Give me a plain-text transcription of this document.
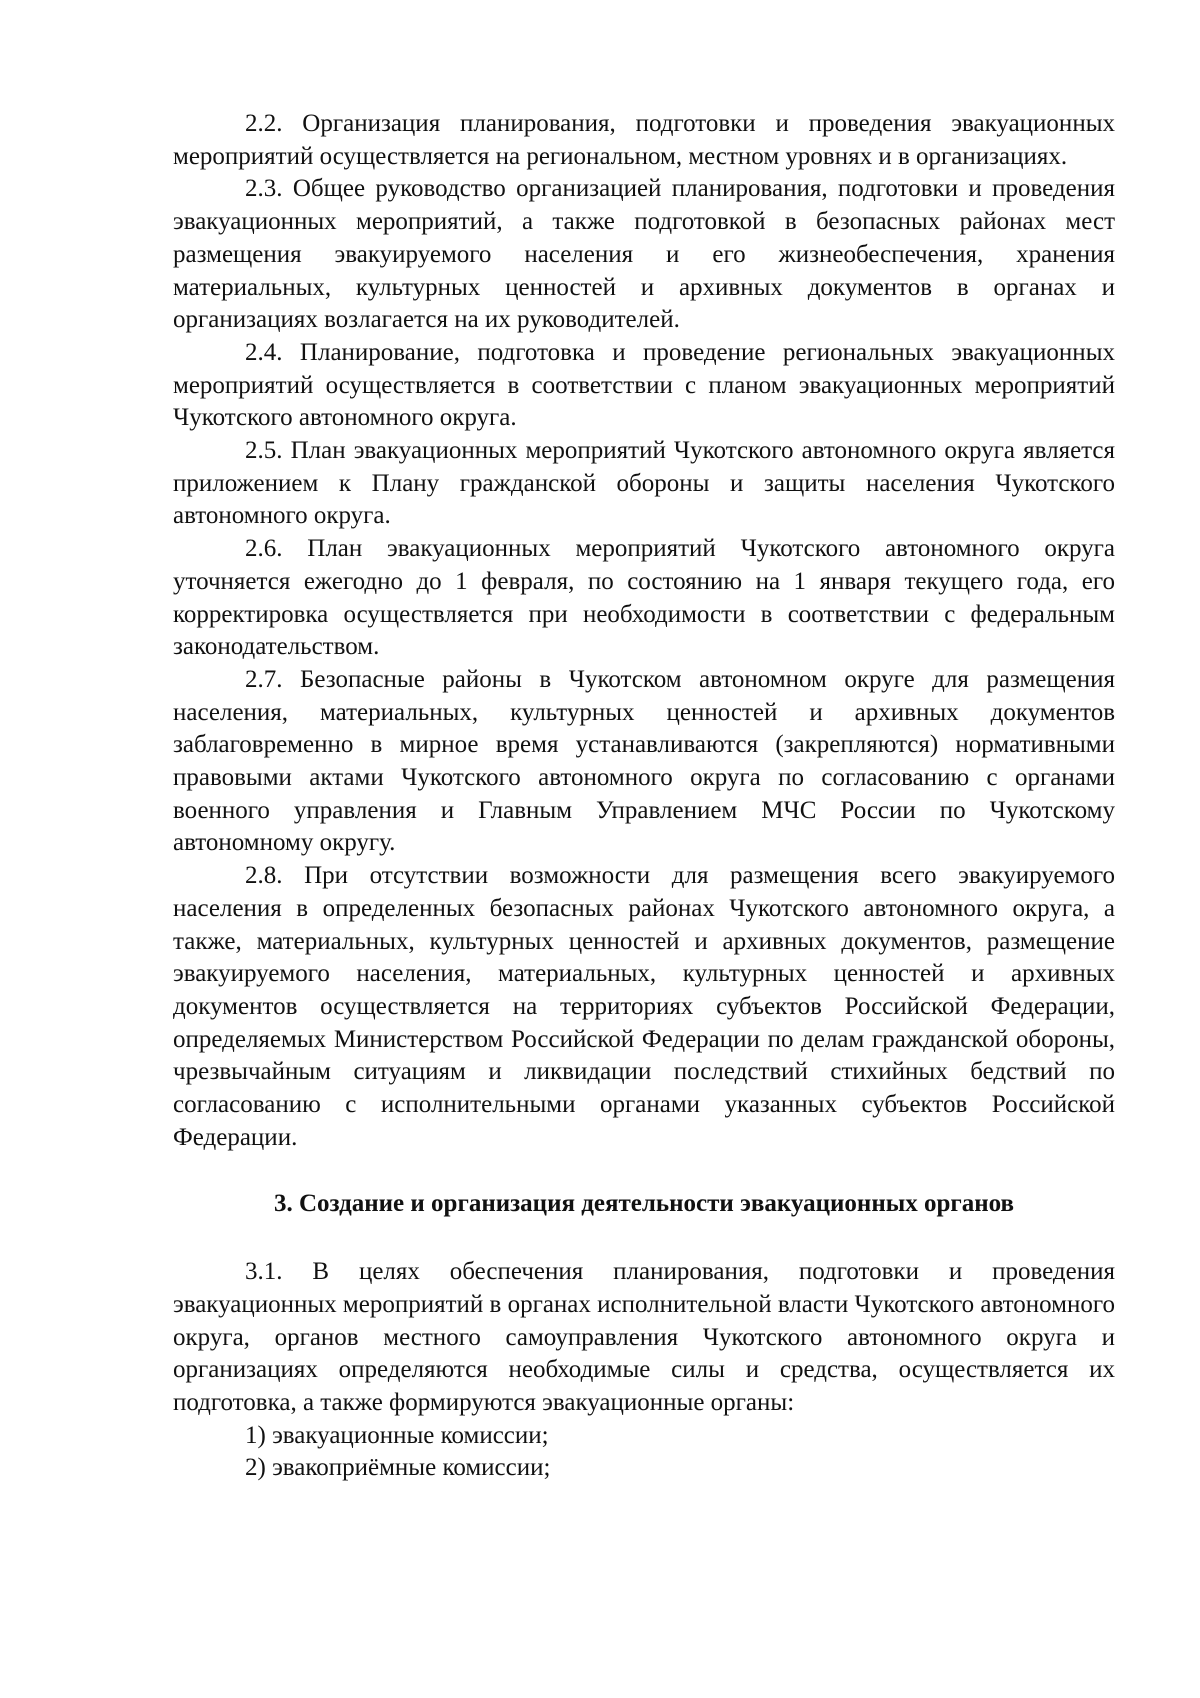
2.2. Организация планирования, подготовки и проведения эвакуационных мероприятий осуществляется на региональном, местном уровнях и в организациях.

2.3. Общее руководство организацией планирования, подготовки и проведения эвакуационных мероприятий, а также подготовкой в безопасных районах мест размещения эвакуируемого населения и его жизнеобеспечения, хранения материальных, культурных ценностей и архивных документов в органах и организациях возлагается на их руководителей.

2.4. Планирование, подготовка и проведение региональных эвакуационных мероприятий осуществляется в соответствии с планом эвакуационных мероприятий Чукотского автономного округа.

2.5. План эвакуационных мероприятий Чукотского автономного округа является приложением к Плану гражданской обороны и защиты населения Чукотского автономного округа.

2.6. План эвакуационных мероприятий Чукотского автономного округа уточняется ежегодно до 1 февраля, по состоянию на 1 января текущего года, его корректировка осуществляется при необходимости в соответствии с федеральным законодательством.

2.7. Безопасные районы в Чукотском автономном округе для размещения населения, материальных, культурных ценностей и архивных документов заблаговременно в мирное время устанавливаются (закрепляются) нормативными правовыми актами Чукотского автономного округа по согласованию с органами военного управления и Главным Управлением МЧС России по Чукотскому автономному округу.

2.8. При отсутствии возможности для размещения всего эвакуируемого населения в определенных безопасных районах Чукотского автономного округа, а также, материальных, культурных ценностей и архивных документов, размещение эвакуируемого населения, материальных, культурных ценностей и архивных документов осуществляется на территориях субъектов Российской Федерации, определяемых Министерством Российской Федерации по делам гражданской обороны, чрезвычайным ситуациям и ликвидации последствий стихийных бедствий по согласованию с исполнительными органами указанных субъектов Российской Федерации.

3. Создание и организация деятельности эвакуационных органов

3.1. В целях обеспечения планирования, подготовки и проведения эвакуационных мероприятий в органах исполнительной власти Чукотского автономного округа, органов местного самоуправления Чукотского автономного округа и организациях определяются необходимые силы и средства, осуществляется их подготовка, а также формируются эвакуационные органы:

1) эвакуационные комиссии;

2) эвакоприёмные комиссии;
